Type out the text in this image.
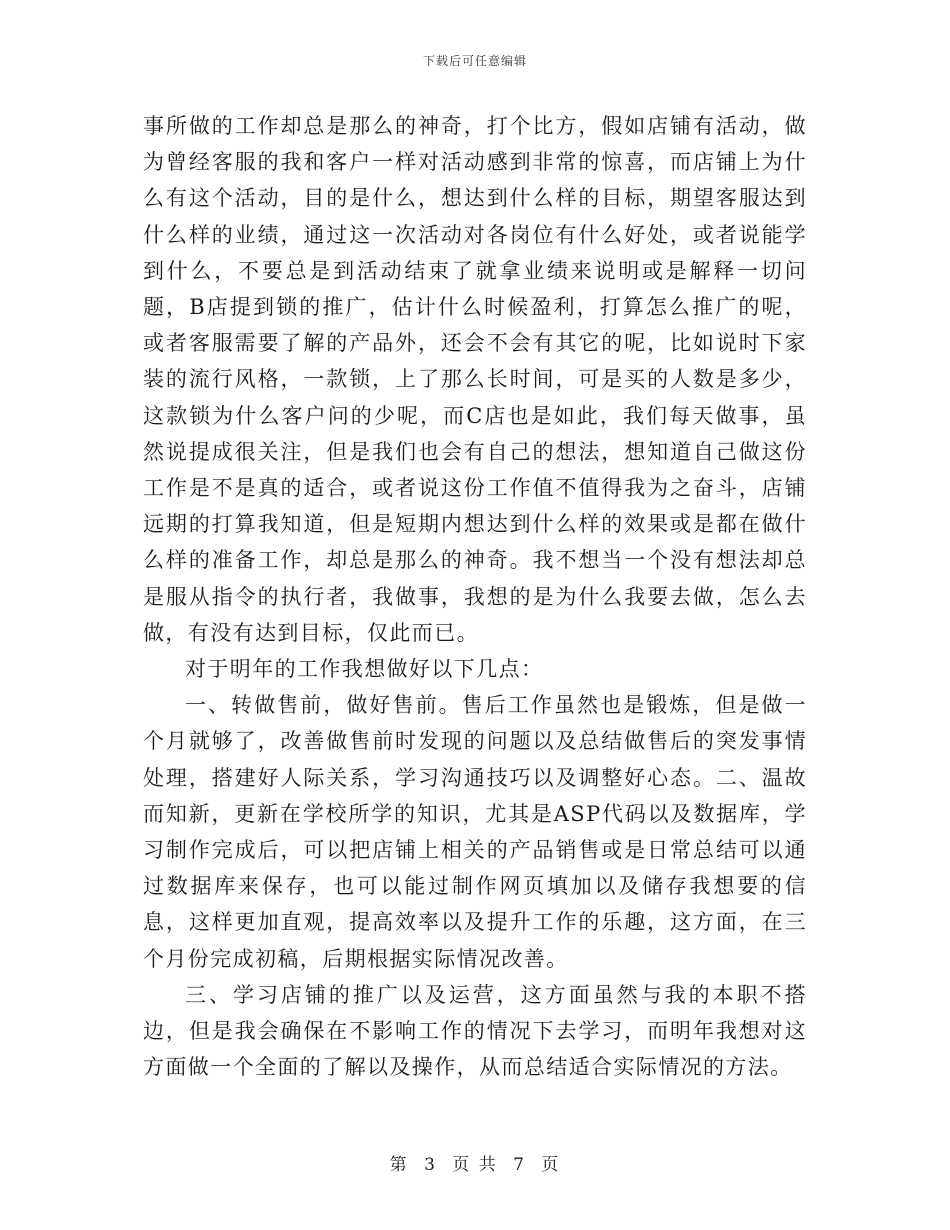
下载后可任意编辑

事所做的工作却总是那么的神奇，打个比方，假如店铺有活动，做为曾经客服的我和客户一样对活动感到非常的惊喜，而店铺上为什么有这个活动，目的是什么，想达到什么样的目标，期望客服达到什么样的业绩，通过这一次活动对各岗位有什么好处，或者说能学到什么，不要总是到活动结束了就拿业绩来说明或是解释一切问题，B店提到锁的推广，估计什么时候盈利，打算怎么推广的呢，或者客服需要了解的产品外，还会不会有其它的呢，比如说时下家装的流行风格，一款锁，上了那么长时间，可是买的人数是多少，这款锁为什么客户问的少呢，而C店也是如此，我们每天做事，虽然说提成很关注，但是我们也会有自己的想法，想知道自己做这份工作是不是真的适合，或者说这份工作值不值得我为之奋斗，店铺远期的打算我知道，但是短期内想达到什么样的效果或是都在做什么样的准备工作，却总是那么的神奇。我不想当一个没有想法却总是服从指令的执行者，我做事，我想的是为什么我要去做，怎么去做，有没有达到目标，仅此而已。

对于明年的工作我想做好以下几点：

一、转做售前，做好售前。售后工作虽然也是锻炼，但是做一个月就够了，改善做售前时发现的问题以及总结做售后的突发事情处理，搭建好人际关系，学习沟通技巧以及调整好心态。二、温故而知新，更新在学校所学的知识，尤其是ASP代码以及数据库，学习制作完成后，可以把店铺上相关的产品销售或是日常总结可以通过数据库来保存，也可以能过制作网页填加以及储存我想要的信息，这样更加直观，提高效率以及提升工作的乐趣，这方面，在三个月份完成初稿，后期根据实际情况改善。

三、学习店铺的推广以及运营，这方面虽然与我的本职不搭边，但是我会确保在不影响工作的情况下去学习，而明年我想对这方面做一个全面的了解以及操作，从而总结适合实际情况的方法。

第 3 页 共 7 页
